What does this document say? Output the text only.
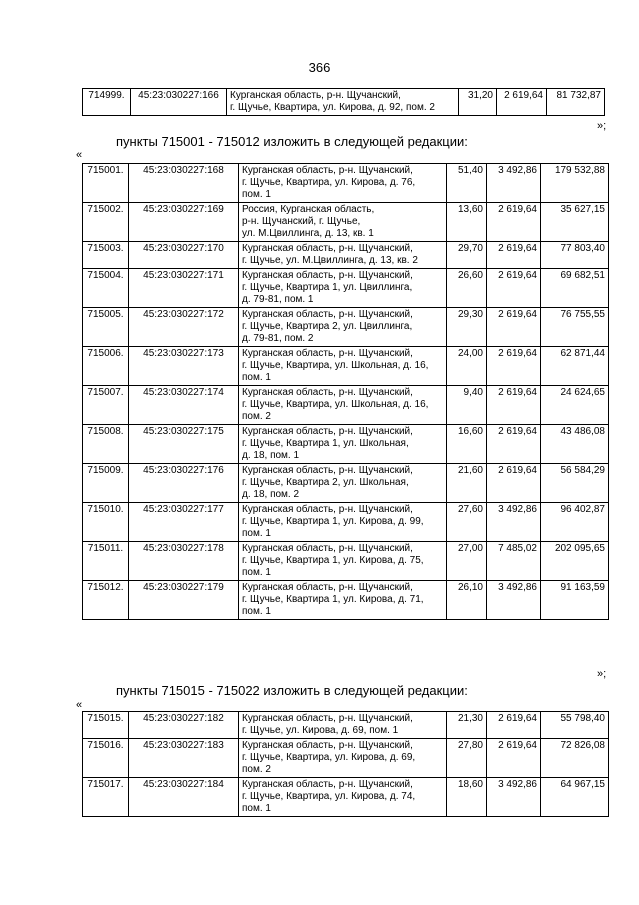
366
714999.	45:23:030227:166	Курганская область, р-н. Щучанский,
г. Щучье, Квартира, ул. Кирова, д. 92, пом. 2	31,20	2 619,64	81 732,87
»;
пункты 715001 - 715012 изложить в следующей редакции:
«
715001.	45:23:030227:168	Курганская область, р-н. Щучанский,
г. Щучье, Квартира, ул. Кирова, д. 76,
пом. 1	51,40	3 492,86	179 532,88
715002.	45:23:030227:169	Россия, Курганская область,
р-н. Щучанский, г. Щучье,
ул. М.Цвиллинга, д. 13, кв. 1	13,60	2 619,64	35 627,15
715003.	45:23:030227:170	Курганская область, р-н. Щучанский,
г. Щучье, ул. М.Цвиллинга, д. 13, кв. 2	29,70	2 619,64	77 803,40
715004.	45:23:030227:171	Курганская область, р-н. Щучанский,
г. Щучье, Квартира 1, ул. Цвиллинга,
д. 79-81, пом. 1	26,60	2 619,64	69 682,51
715005.	45:23:030227:172	Курганская область, р-н. Щучанский,
г. Щучье, Квартира 2, ул. Цвиллинга,
д. 79-81, пом. 2	29,30	2 619,64	76 755,55
715006.	45:23:030227:173	Курганская область, р-н. Щучанский,
г. Щучье, Квартира, ул. Школьная, д. 16,
пом. 1	24,00	2 619,64	62 871,44
715007.	45:23:030227:174	Курганская область, р-н. Щучанский,
г. Щучье, Квартира, ул. Школьная, д. 16,
пом. 2	9,40	2 619,64	24 624,65
715008.	45:23:030227:175	Курганская область, р-н. Щучанский,
г. Щучье, Квартира 1, ул. Школьная,
д. 18, пом. 1	16,60	2 619,64	43 486,08
715009.	45:23:030227:176	Курганская область, р-н. Щучанский,
г. Щучье, Квартира 2, ул. Школьная,
д. 18, пом. 2	21,60	2 619,64	56 584,29
715010.	45:23:030227:177	Курганская область, р-н. Щучанский,
г. Щучье, Квартира 1, ул. Кирова, д. 99,
пом. 1	27,60	3 492,86	96 402,87
715011.	45:23:030227:178	Курганская область, р-н. Щучанский,
г. Щучье, Квартира 1, ул. Кирова, д. 75,
пом. 1	27,00	7 485,02	202 095,65
715012.	45:23:030227:179	Курганская область, р-н. Щучанский,
г. Щучье, Квартира 1, ул. Кирова, д. 71,
пом. 1	26,10	3 492,86	91 163,59
»;
пункты 715015 - 715022 изложить в следующей редакции:
«
715015.	45:23:030227:182	Курганская область, р-н. Щучанский,
г. Щучье, ул. Кирова, д. 69, пом. 1	21,30	2 619,64	55 798,40
715016.	45:23:030227:183	Курганская область, р-н. Щучанский,
г. Щучье, Квартира, ул. Кирова, д. 69,
пом. 2	27,80	2 619,64	72 826,08
715017.	45:23:030227:184	Курганская область, р-н. Щучанский,
г. Щучье, Квартира, ул. Кирова, д. 74,
пом. 1	18,60	3 492,86	64 967,15
